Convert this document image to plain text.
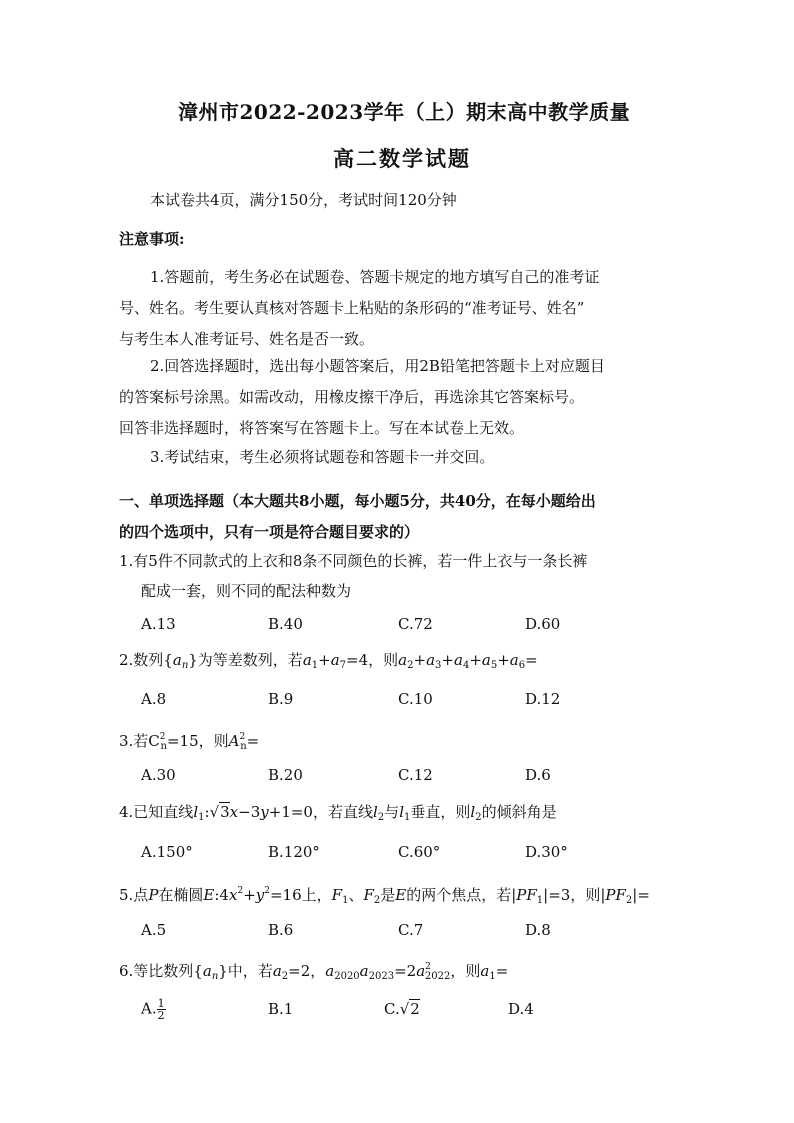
漳州市2022-2023学年（上）期末高中教学质量
高二数学试题
本试卷共4页，满分150分，考试时间120分钟
注意事项:
1.答题前，考生务必在试题卷、答题卡规定的地方填写自己的准考证
号、姓名。考生要认真核对答题卡上粘贴的条形码的“准考证号、姓名”
与考生本人准考证号、姓名是否一致。
2.回答选择题时，选出每小题答案后，用2B铅笔把答题卡上对应题目
的答案标号涂黑。如需改动，用橡皮擦干净后，再选涂其它答案标号。
回答非选择题时，将答案写在答题卡上。写在本试卷上无效。
3.考试结束，考生必须将试题卷和答题卡一并交回。
一、单项选择题（本大题共8小题，每小题5分，共40分，在每小题给出
的四个选项中，只有一项是符合题目要求的）
1.有5件不同款式的上衣和8条不同颜色的长裤，若一件上衣与一条长裤
配成一套，则不同的配法种数为
A.13	B.40	C.72	D.60
2.数列$\{a_n\}$为等差数列，若$a_1+a_7=4$，则$a_2+a_3+a_4+a_5+a_6=$
A.8	B.9	C.10	D.12
3.若$C^2_n=15$，则$A^2_n=$
A.30	B.20	C.12	D.6
4.已知直线$l_1:√3x-3y+1=0$，若直线$l_2$与$l_1$垂直，则$l_2$的倾斜角是
A.150°	B.120°	C.60°	D.30°
5.点P在椭圆$E:4x^2+y^2=16$上，$F_1$、$F_2$是E的两个焦点，若$|PF_1|=3$，则$|PF_2|=$
A.5	B.6	C.7	D.8
6.等比数列$\{a_n\}$中，若$a_2=2$，$a_{2020}a_{2023}=2a^2_{2022}$，则$a_1=$
A. $\frac{1}{2}$	B.1	C.√2	D.4
